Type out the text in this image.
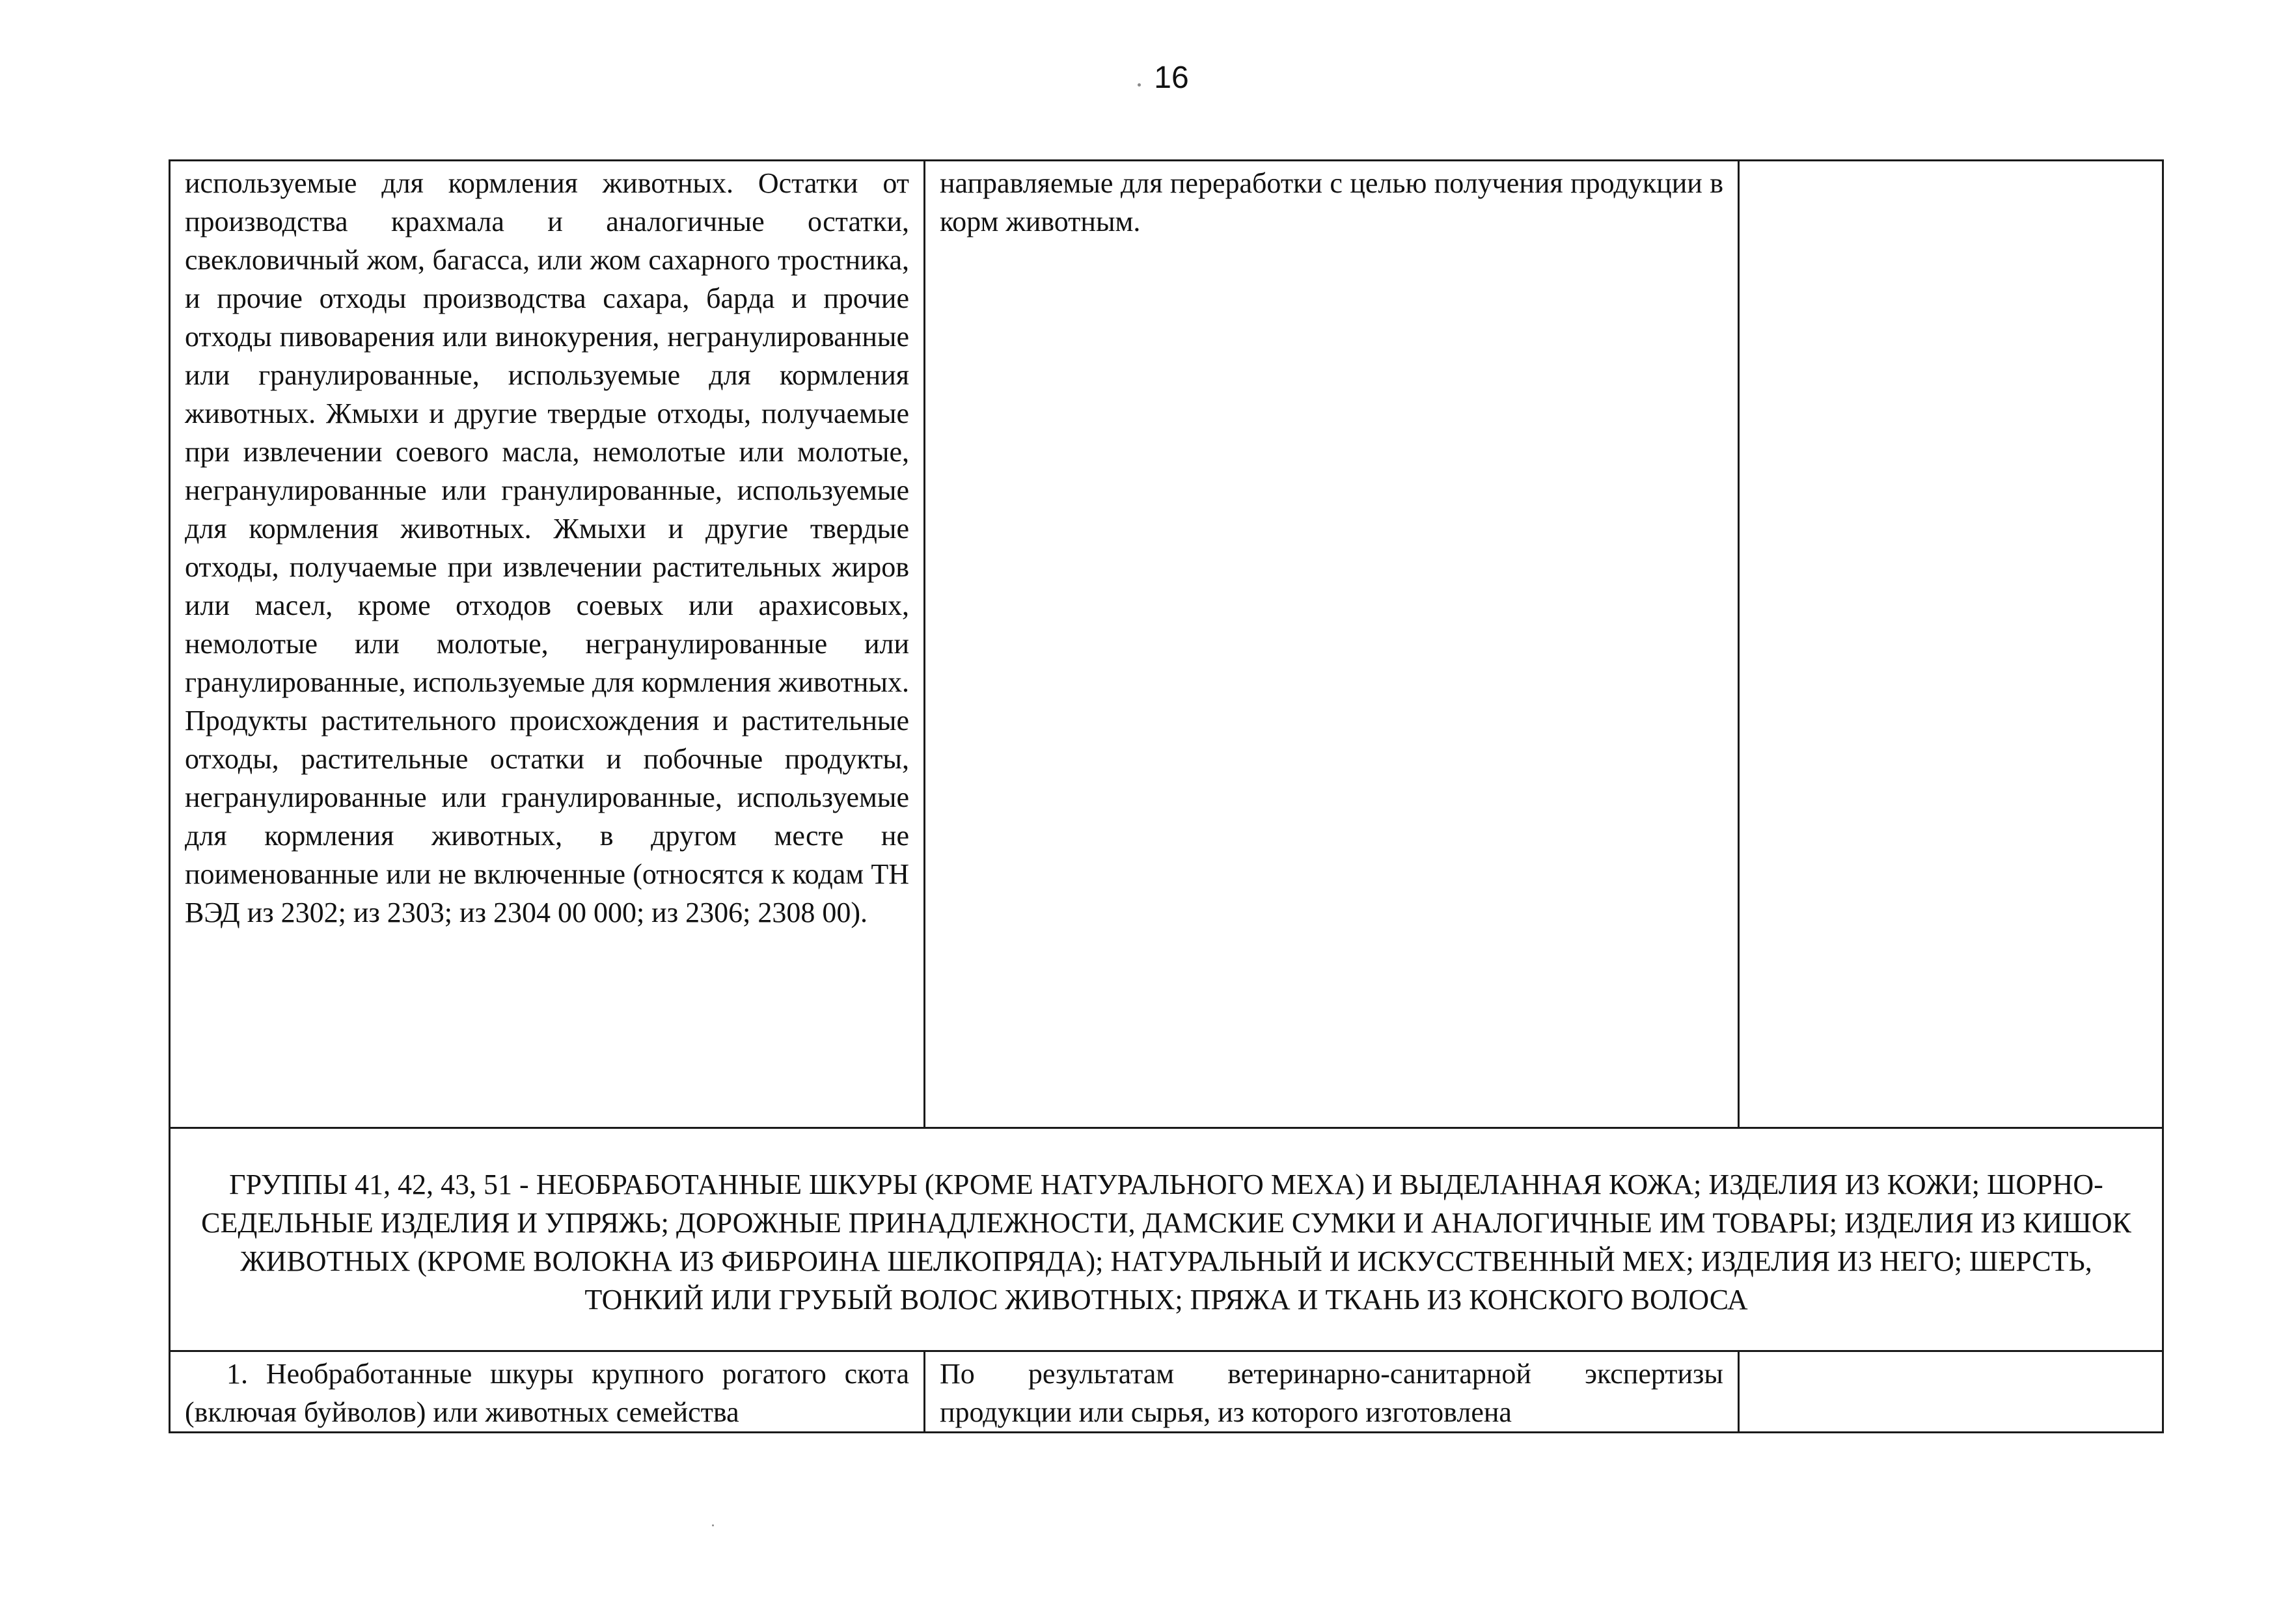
16
используемые для кормления животных. Остатки от производства крахмала и аналогичные остатки, свекловичный жом, багасса, или жом сахарного тростника, и прочие отходы производства сахара, барда и прочие отходы пивоварения или винокурения, негранулированные или гранулированные, используемые для кормления животных. Жмыхи и другие твердые отходы, получаемые при извлечении соевого масла, немолотые или молотые, негранулированные или гранулированные, используемые для кормления животных. Жмыхи и другие твердые отходы, получаемые при извлечении растительных жиров или масел, кроме отходов соевых или арахисовых, немолотые или молотые, негранулированные или гранулированные, используемые для кормления животных. Продукты растительного происхождения и растительные отходы, растительные остатки и побочные продукты, негранулированные или гранулированные, используемые для кормления животных, в другом месте не поименованные или не включенные (относятся к кодам ТН ВЭД из 2302; из 2303; из 2304 00 000; из 2306; 2308 00).	направляемые для переработки с целью получения продукции в корм животным.	
ГРУППЫ 41, 42, 43, 51 - НЕОБРАБОТАННЫЕ ШКУРЫ (КРОМЕ НАТУРАЛЬНОГО МЕХА) И ВЫДЕЛАННАЯ КОЖА; ИЗДЕЛИЯ ИЗ КОЖИ; ШОРНО-СЕДЕЛЬНЫЕ ИЗДЕЛИЯ И УПРЯЖЬ; ДОРОЖНЫЕ ПРИНАДЛЕЖНОСТИ, ДАМСКИЕ СУМКИ И АНАЛОГИЧНЫЕ ИМ ТОВАРЫ; ИЗДЕЛИЯ ИЗ КИШОК ЖИВОТНЫХ (КРОМЕ ВОЛОКНА ИЗ ФИБРОИНА ШЕЛКОПРЯДА); НАТУРАЛЬНЫЙ И ИСКУССТВЕННЫЙ МЕХ; ИЗДЕЛИЯ ИЗ НЕГО; ШЕРСТЬ, ТОНКИЙ ИЛИ ГРУБЫЙ ВОЛОС ЖИВОТНЫХ; ПРЯЖА И ТКАНЬ ИЗ КОНСКОГО ВОЛОСА		
1. Необработанные шкуры крупного рогатого скота (включая буйволов) или животных семейства	По результатам ветеринарно-санитарной экспертизы продукции или сырья, из которого изготовлена	
